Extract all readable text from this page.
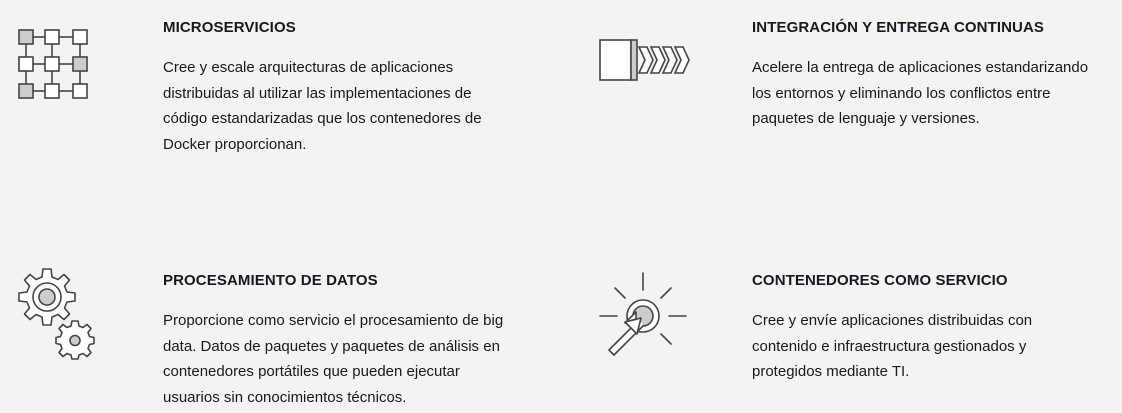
MICROSERVICIOS
Cree y escale arquitecturas de aplicaciones
distribuidas al utilizar las implementaciones de
código estandarizadas que los contenedores de
Docker proporcionan.
INTEGRACIÓN Y ENTREGA CONTINUAS
Acelere la entrega de aplicaciones estandarizando
los entornos y eliminando los conflictos entre
paquetes de lenguaje y versiones.
PROCESAMIENTO DE DATOS
Proporcione como servicio el procesamiento de big
data. Datos de paquetes y paquetes de análisis en
contenedores portátiles que pueden ejecutar
usuarios sin conocimientos técnicos.
CONTENEDORES COMO SERVICIO
Cree y envíe aplicaciones distribuidas con
contenido e infraestructura gestionados y
protegidos mediante TI.
